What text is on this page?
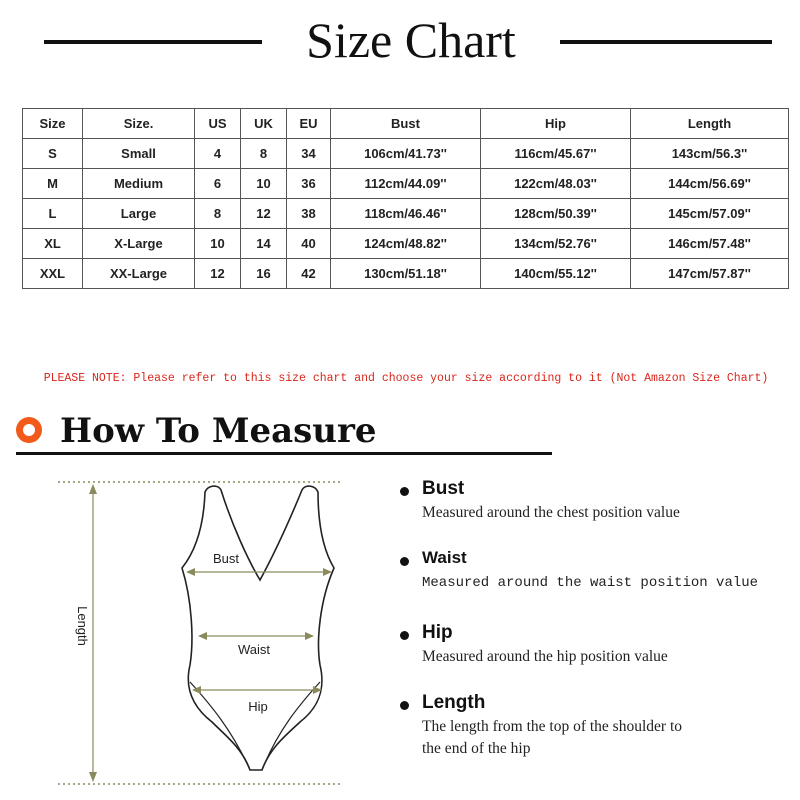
Size Chart
Size	Size.	US	UK	EU	Bust	Hip	Length
S	Small	4	8	34	106cm/41.73''	116cm/45.67''	143cm/56.3''
M	Medium	6	10	36	112cm/44.09''	122cm/48.03''	144cm/56.69''
L	Large	8	12	38	118cm/46.46''	128cm/50.39''	145cm/57.09''
XL	X-Large	10	14	40	124cm/48.82''	134cm/52.76''	146cm/57.48''
XXL	XX-Large	12	16	42	130cm/51.18''	140cm/55.12''	147cm/57.87''
PLEASE NOTE: Please refer to this size chart and choose your size according to it (Not Amazon Size Chart)
How To Measure
Length
Bust
Waist
Hip
Bust
Measured around the chest position value
Waist
Measured around the waist position value
Hip
Measured around the hip position value
Length
The length from the top of the shoulder to
the end of the hip
